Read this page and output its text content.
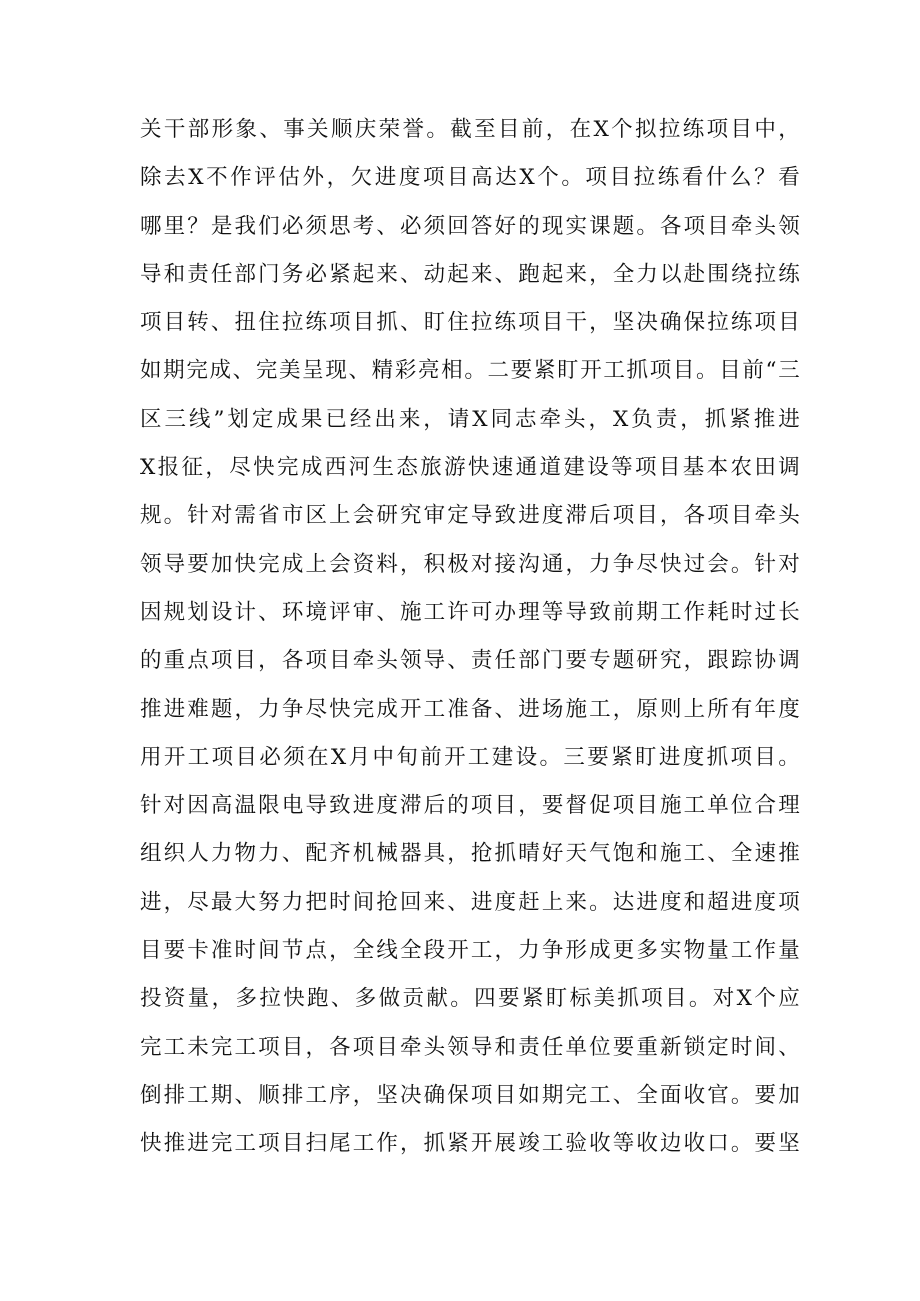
关干部形象、事关顺庆荣誉。截至目前，在X个拟拉练项目中，
除去X不作评估外，欠进度项目高达X个。项目拉练看什么？看
哪里？是我们必须思考、必须回答好的现实课题。各项目牵头领
导和责任部门务必紧起来、动起来、跑起来，全力以赴围绕拉练
项目转、扭住拉练项目抓、盯住拉练项目干，坚决确保拉练项目
如期完成、完美呈现、精彩亮相。二要紧盯开工抓项目。目前“三
区三线”划定成果已经出来，请X同志牵头，X负责，抓紧推进
X报征，尽快完成西河生态旅游快速通道建设等项目基本农田调
规。针对需省市区上会研究审定导致进度滞后项目，各项目牵头
领导要加快完成上会资料，积极对接沟通，力争尽快过会。针对
因规划设计、环境评审、施工许可办理等导致前期工作耗时过长
的重点项目，各项目牵头领导、责任部门要专题研究，跟踪协调
推进难题，力争尽快完成开工准备、进场施工，原则上所有年度
用开工项目必须在X月中旬前开工建设。三要紧盯进度抓项目。
针对因高温限电导致进度滞后的项目，要督促项目施工单位合理
组织人力物力、配齐机械器具，抢抓晴好天气饱和施工、全速推
进，尽最大努力把时间抢回来、进度赶上来。达进度和超进度项
目要卡准时间节点，全线全段开工，力争形成更多实物量工作量
投资量，多拉快跑、多做贡献。四要紧盯标美抓项目。对X个应
完工未完工项目，各项目牵头领导和责任单位要重新锁定时间、
倒排工期、顺排工序，坚决确保项目如期完工、全面收官。要加
快推进完工项目扫尾工作，抓紧开展竣工验收等收边收口。要坚
